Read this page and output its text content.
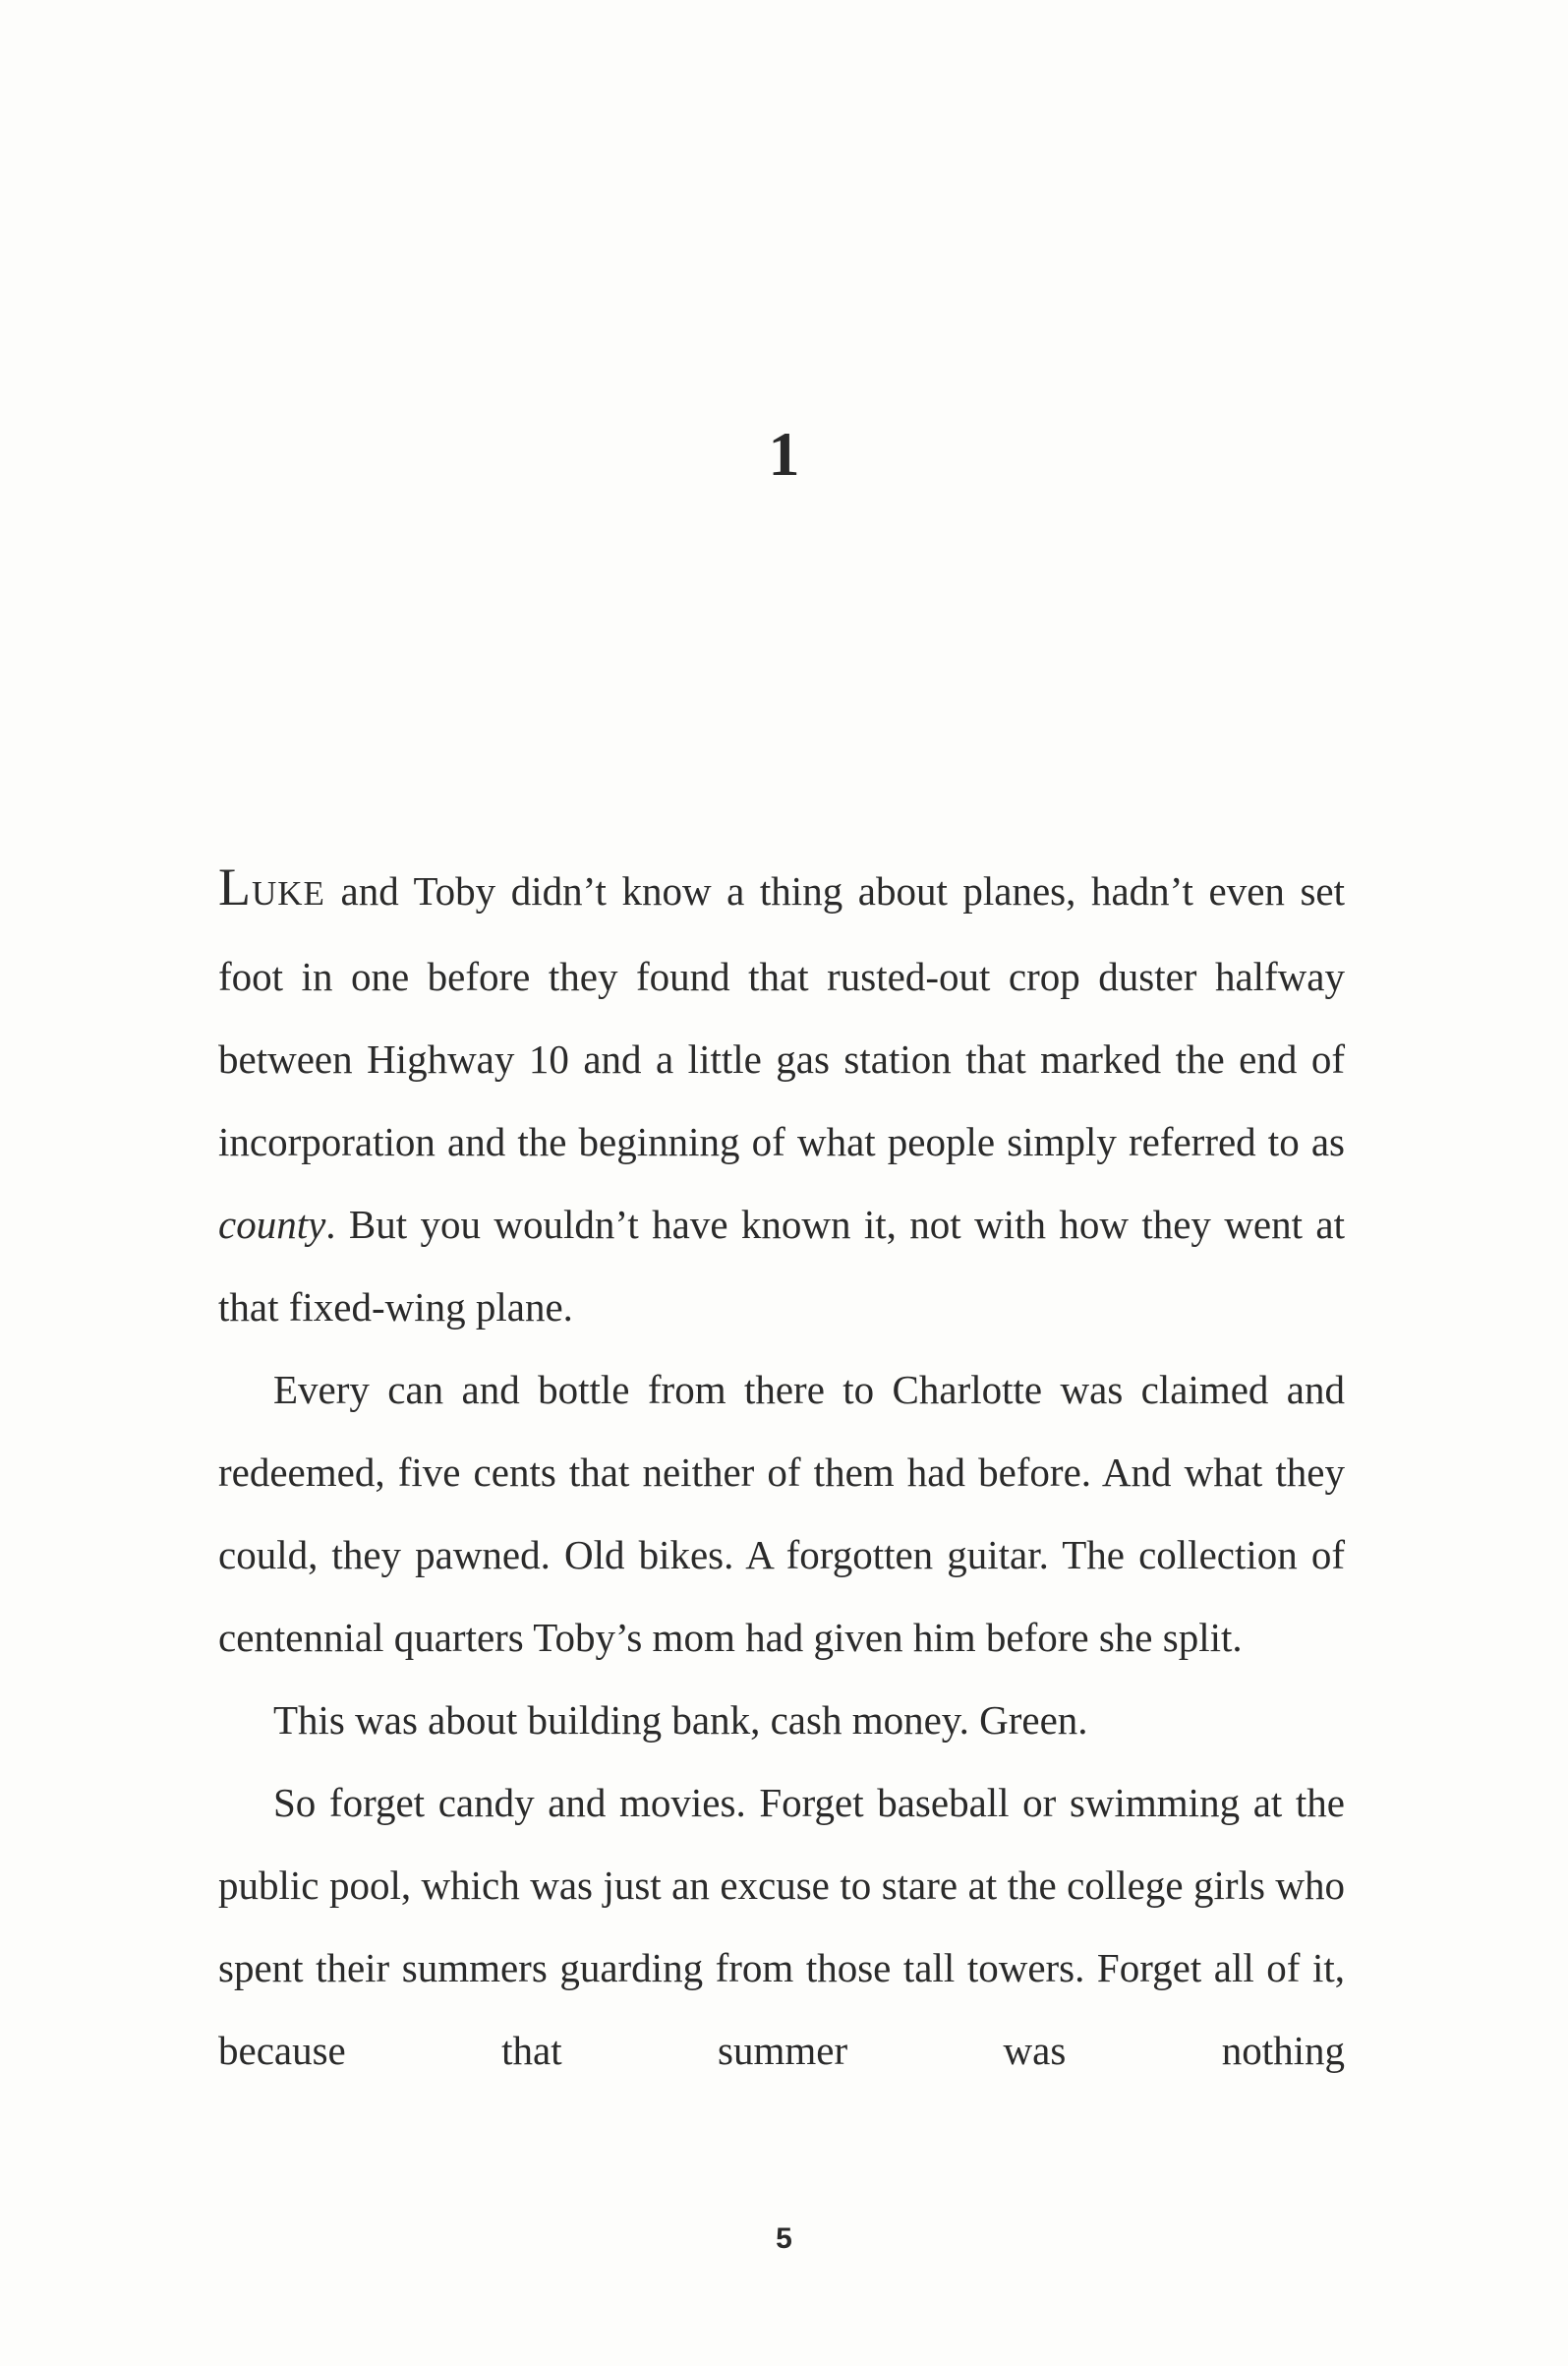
1

LUKE and Toby didn’t know a thing about planes, hadn’t even set foot in one before they found that rusted-out crop duster halfway between Highway 10 and a little gas station that marked the end of incorporation and the beginning of what people simply referred to as county. But you wouldn’t have known it, not with how they went at that fixed-wing plane.

Every can and bottle from there to Charlotte was claimed and redeemed, five cents that neither of them had before. And what they could, they pawned. Old bikes. A forgotten guitar. The collection of centennial quarters Toby’s mom had given him before she split.

This was about building bank, cash money. Green.

So forget candy and movies. Forget baseball or swimming at the public pool, which was just an excuse to stare at the college girls who spent their summers guarding from those tall towers. Forget all of it, because that summer was nothing

5
